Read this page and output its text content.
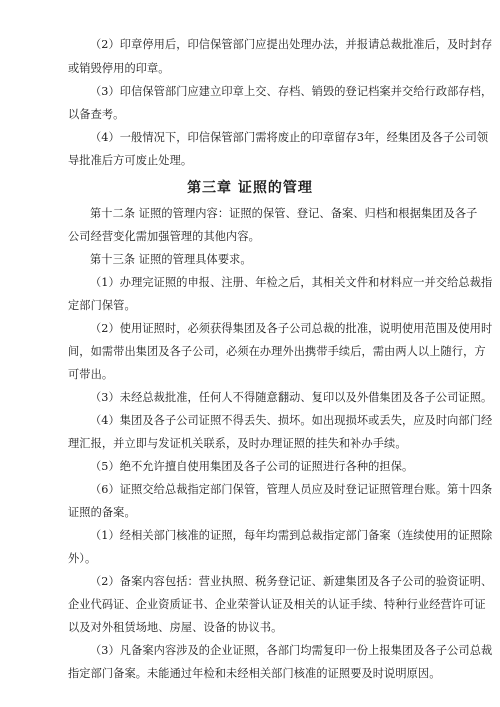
（2）印章停用后，印信保管部门应提出处理办法，并报请总裁批准后，及时封存
或销毁停用的印章。
（3）印信保管部门应建立印章上交、存档、销毁的登记档案并交给行政部存档，
以备查考。
（4）一般情况下，印信保管部门需将废止的印章留存3年，经集团及各子公司领
导批准后方可废止处理。
第三章 证照的管理
第十二条 证照的管理内容：证照的保管、登记、备案、归档和根据集团及各子
公司经营变化需加强管理的其他内容。
第十三条 证照的管理具体要求。
（1）办理完证照的申报、注册、年检之后，其相关文件和材料应一并交给总裁指
定部门保管。
（2）使用证照时，必须获得集团及各子公司总裁的批准，说明使用范围及使用时
间，如需带出集团及各子公司，必须在办理外出携带手续后，需由两人以上随行，方
可带出。
（3）未经总裁批准，任何人不得随意翻动、复印以及外借集团及各子公司证照。
（4）集团及各子公司证照不得丢失、损坏。如出现损坏或丢失，应及时向部门经
理汇报，并立即与发证机关联系，及时办理证照的挂失和补办手续。
（5）绝不允许擅自使用集团及各子公司的证照进行各种的担保。
（6）证照交给总裁指定部门保管，管理人员应及时登记证照管理台账。第十四条
证照的备案。
（1）经相关部门核准的证照，每年均需到总裁指定部门备案（连续使用的证照除
外）。
（2）备案内容包括：营业执照、税务登记证、新建集团及各子公司的验资证明、
企业代码证、企业资质证书、企业荣誉认证及相关的认证手续、特种行业经营许可证
以及对外租赁场地、房屋、设备的协议书。
（3）凡备案内容涉及的企业证照，各部门均需复印一份上报集团及各子公司总裁
指定部门备案。未能通过年检和未经相关部门核准的证照要及时说明原因。
